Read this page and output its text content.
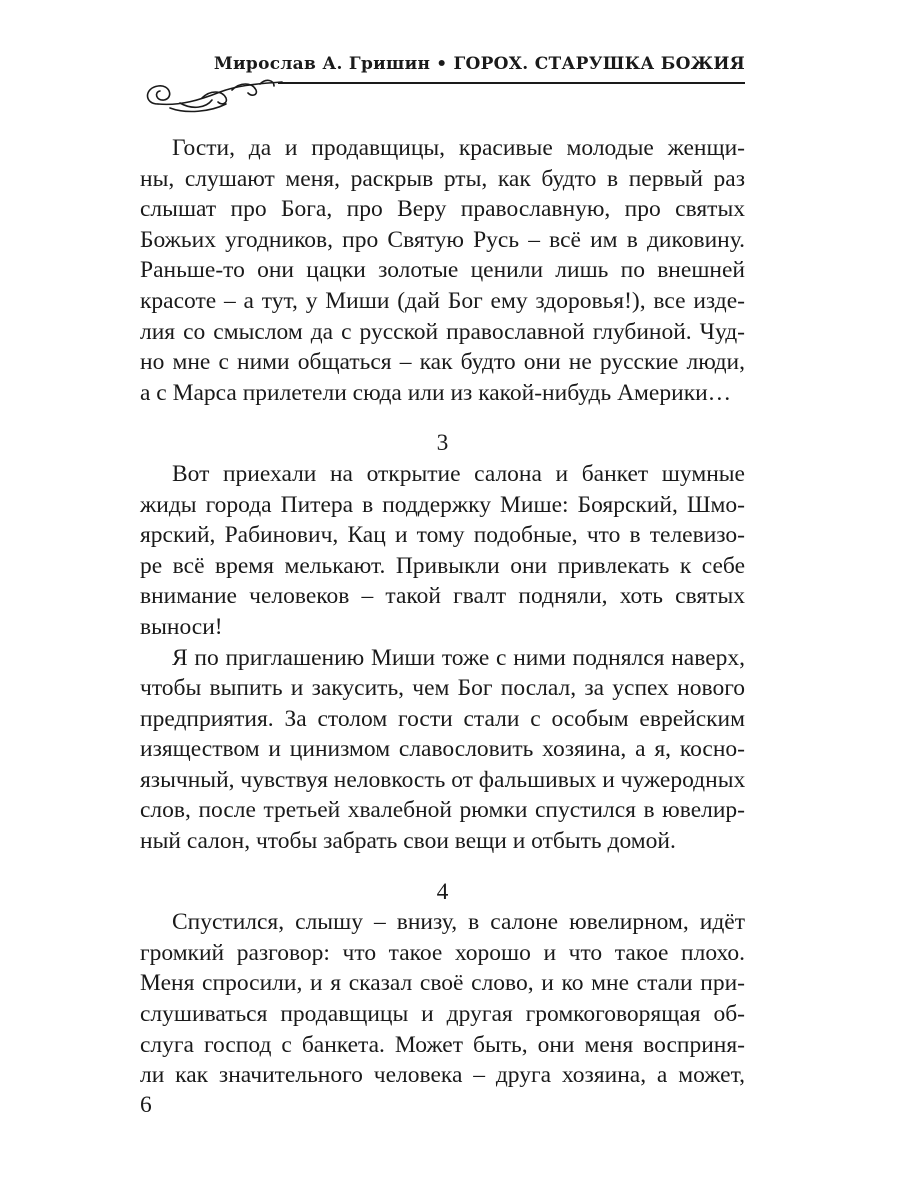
Мирослав А. Гришин • ГОРОХ. СТАРУШКА БОЖИЯ
Гости, да и продавщицы, красивые молодые женщи-
ны, слушают меня, раскрыв рты, как будто в первый раз
слышат про Бога, про Веру православную, про святых
Божьих угодников, про Святую Русь – всё им в диковину.
Раньше-то они цацки золотые ценили лишь по внешней
красоте – а тут, у Миши (дай Бог ему здоровья!), все изде-
лия со смыслом да с русской православной глубиной. Чуд-
но мне с ними общаться – как будто они не русские люди,
а с Марса прилетели сюда или из какой-нибудь Америки…
3
Вот приехали на открытие салона и банкет шумные
жиды города Питера в поддержку Мише: Боярский, Шмо-
ярский, Рабинович, Кац и тому подобные, что в телевизо-
ре всё время мелькают. Привыкли они привлекать к себе
внимание человеков – такой гвалт подняли, хоть святых
выноси!
Я по приглашению Миши тоже с ними поднялся наверх,
чтобы выпить и закусить, чем Бог послал, за успех нового
предприятия. За столом гости стали с особым еврейским
изяществом и цинизмом славословить хозяина, а я, косно-
язычный, чувствуя неловкость от фальшивых и чужеродных
слов, после третьей хвалебной рюмки спустился в ювелир-
ный салон, чтобы забрать свои вещи и отбыть домой.
4
Спустился, слышу – внизу, в салоне ювелирном, идёт
громкий разговор: что такое хорошо и что такое плохо.
Меня спросили, и я сказал своё слово, и ко мне стали при-
слушиваться продавщицы и другая громкоговорящая об-
слуга господ с банкета. Может быть, они меня восприня-
ли как значительного человека – друга хозяина, а может,
6
